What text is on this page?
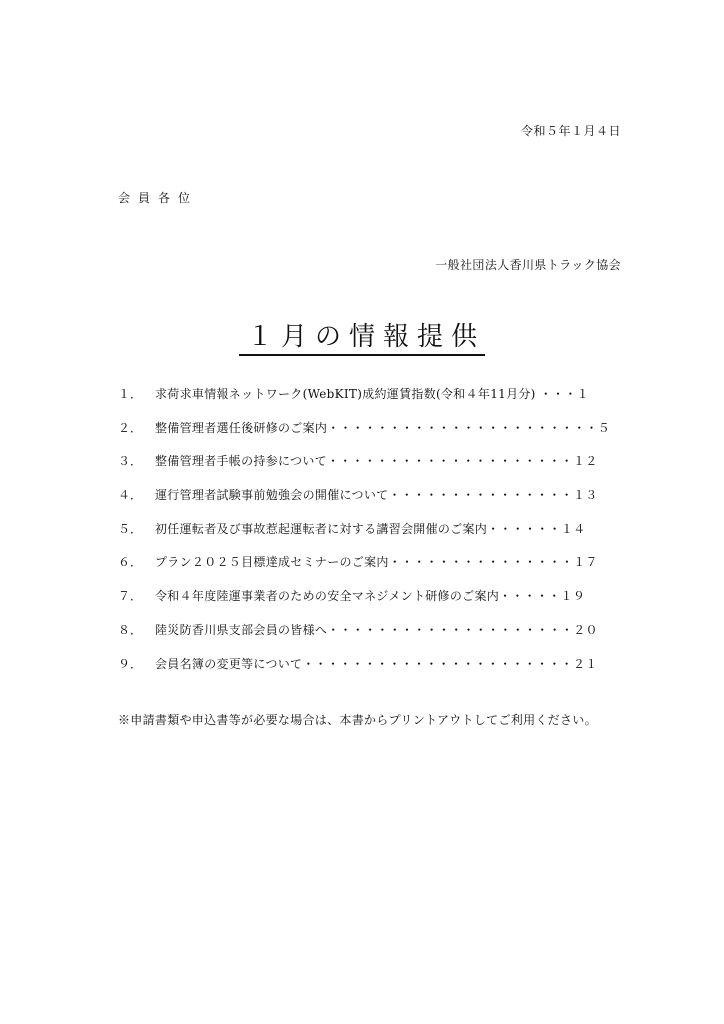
令和５年１月４日
会員各位
一般社団法人香川県トラック協会
１月の情報提供
１．	求荷求車情報ネットワーク(WebKIT)成約運賃指数(令和４年11月分) ・・・１
２．	整備管理者選任後研修のご案内・・・・・・・・・・・・・・・・・・・・・・５
３．	整備管理者手帳の持参について・・・・・・・・・・・・・・・・・・・・１２
４．	運行管理者試験事前勉強会の開催について・・・・・・・・・・・・・・・１３
５．	初任運転者及び事故惹起運転者に対する講習会開催のご案内・・・・・・１４
６．	プラン２０２５目標達成セミナーのご案内・・・・・・・・・・・・・・・１７
７．	令和４年度陸運事業者のための安全マネジメント研修のご案内・・・・・１９
８．	陸災防香川県支部会員の皆様へ・・・・・・・・・・・・・・・・・・・・２０
９．	会員名簿の変更等について・・・・・・・・・・・・・・・・・・・・・・２１
※申請書類や申込書等が必要な場合は、本書からプリントアウトしてご利用ください。
